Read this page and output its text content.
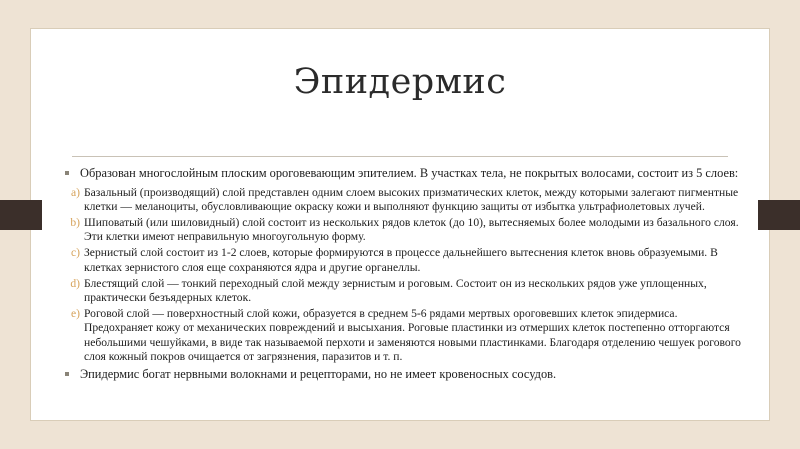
Эпидермис
Образован многослойным плоским ороговевающим эпителием. В участках тела, не покрытых волосами, состоит из 5 слоев:
a) Базальный (производящий) слой представлен одним слоем высоких призматических клеток, между которыми залегают пигментные клетки — меланоциты, обусловливающие окраску кожи и выполняют функцию защиты от избытка ультрафиолетовых лучей.
b) Шиповатый (или шиловидный) слой состоит из нескольких рядов клеток (до 10), вытесняемых более молодыми из базального слоя. Эти клетки имеют неправильную многоугольную форму.
c) Зернистый слой состоит из 1-2 слоев, которые формируются в процессе дальнейшего вытеснения клеток вновь образуемыми. В клетках зернистого слоя еще сохраняются ядра и другие органеллы.
d) Блестящий слой — тонкий переходный слой между зернистым и роговым. Состоит он из нескольких рядов уже уплощенных, практически безъядерных клеток.
e) Роговой слой — поверхностный слой кожи, образуется в среднем 5-6 рядами мертвых ороговевших клеток эпидермиса. Предохраняет кожу от механических повреждений и высыхания. Роговые пластинки из отмерших клеток постепенно отторгаются небольшими чешуйками, в виде так называемой перхоти и заменяются новыми пластинками. Благодаря отделению чешуек рогового слоя кожный покров очищается от загрязнения, паразитов и т. п.
Эпидермис богат нервными волокнами и рецепторами, но не имеет кровеносных сосудов.
